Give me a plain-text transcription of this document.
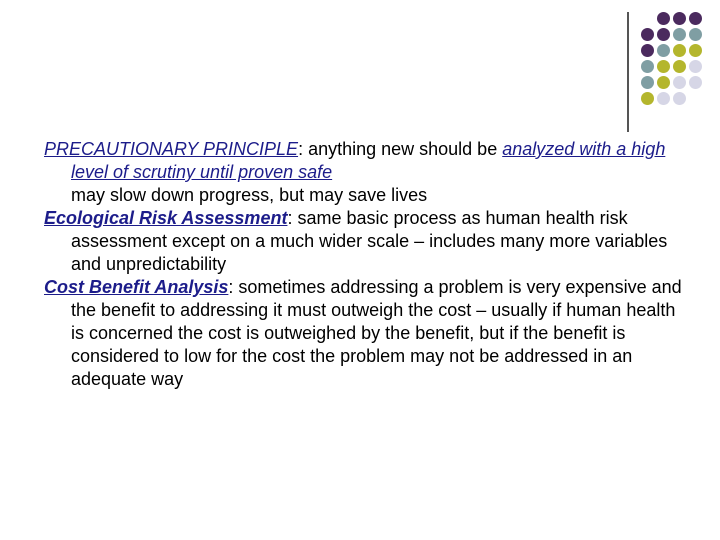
PRECAUTIONARY PRINCIPLE: anything new should be analyzed with a high level of scrutiny until proven safe

may slow down progress, but may save lives

Ecological Risk Assessment: same basic process as human health risk assessment except on a much wider scale – includes many more variables and unpredictability

Cost Benefit Analysis: sometimes addressing a problem is very expensive and the benefit to addressing it must outweigh the cost – usually if human health is concerned the cost is outweighed by the benefit, but if the benefit is considered to low for the cost the problem may not be addressed in an adequate way
